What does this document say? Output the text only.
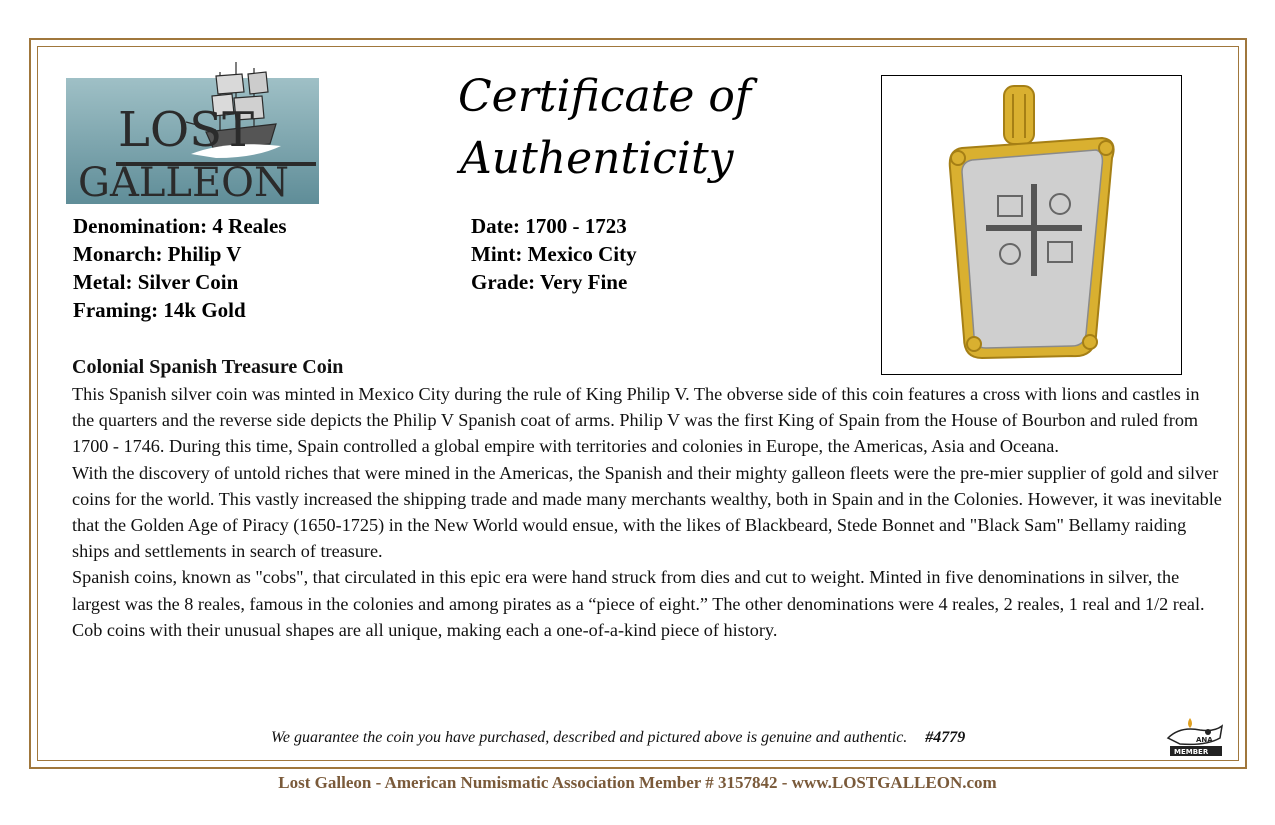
LOST
GALLEON
Certificate of
Authenticity
Denomination: 4 Reales
Monarch: Philip V
Metal: Silver Coin
Framing: 14k Gold
Date: 1700 - 1723
Mint: Mexico City
Grade: Very Fine
Colonial Spanish Treasure Coin

This Spanish silver coin was minted in Mexico City during the rule of King Philip V. The obverse side of this coin features a cross with lions and castles in the quarters and the reverse side depicts the Philip V Spanish coat of arms. Philip V was the first King of Spain from the House of Bourbon and ruled from 1700 - 1746. During this time, Spain controlled a global empire with territories and colonies in Europe, the Americas, Asia and Oceana.

With the discovery of untold riches that were mined in the Americas, the Spanish and their mighty galleon fleets were the pre-mier supplier of gold and silver coins for the world. This vastly increased the shipping trade and made many merchants wealthy, both in Spain and in the Colonies. However, it was inevitable that the Golden Age of Piracy (1650-1725) in the New World would ensue, with the likes of Blackbeard, Stede Bonnet and "Black Sam" Bellamy raiding ships and settlements in search of treasure.

Spanish coins, known as "cobs", that circulated in this epic era were hand struck from dies and cut to weight. Minted in five denominations in silver, the largest was the 8 reales, famous in the colonies and among pirates as a “piece of eight.” The other denominations were 4 reales, 2 reales, 1 real and 1/2 real. Cob coins with their unusual shapes are all unique, making each a one-of-a-kind piece of history.

We guarantee the coin you have purchased, described and pictured above is genuine and authentic. #4779	ANA
MEMBER
Lost Galleon - American Numismatic Association Member # 3157842 - www.LOSTGALLEON.com
